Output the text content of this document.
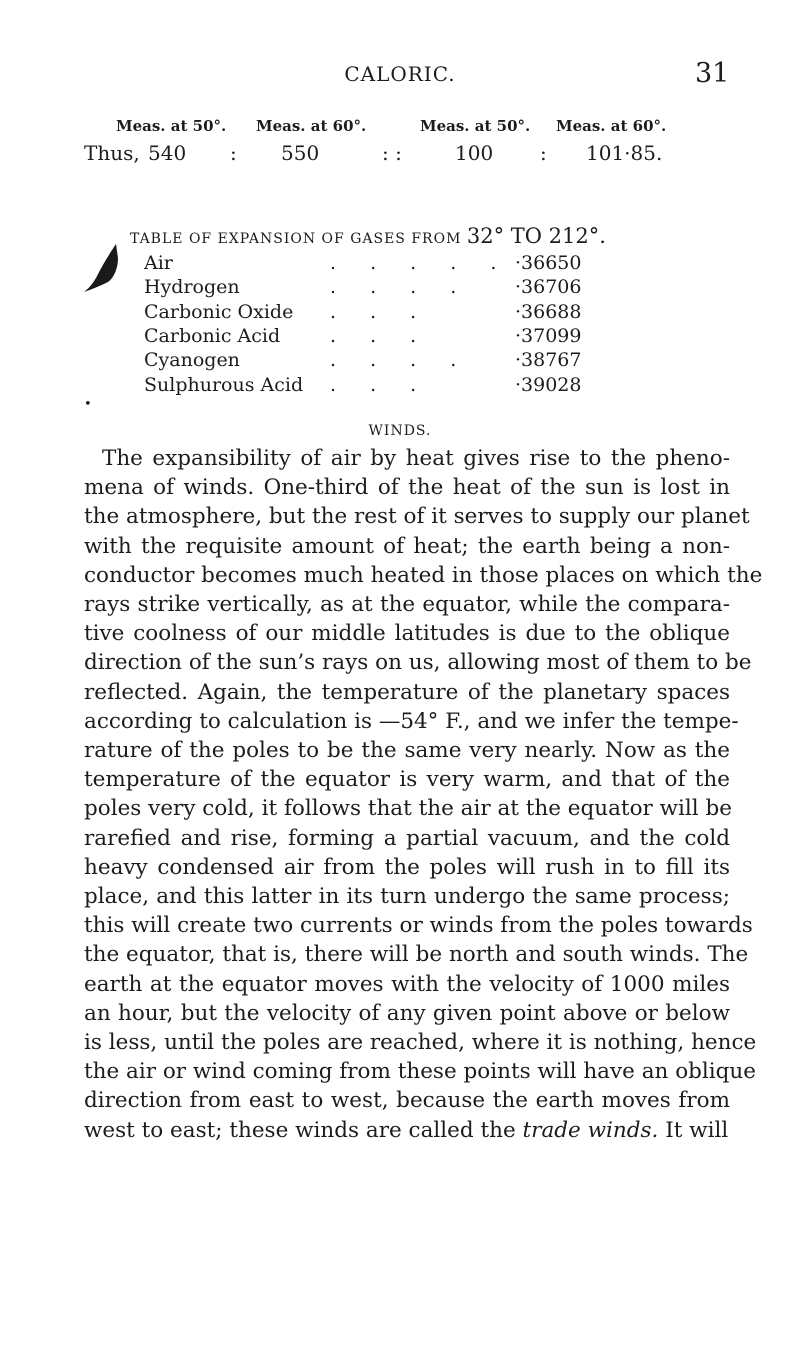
CALORIC.	31
Meas. at 50°. Meas. at 60°.	Meas. at 50°. Meas. at 60°.
Thus, 540 : 550	: :	100 : 101·85.
TABLE OF EXPANSION OF GASES FROM 32° TO 212°.
Air	. . . . . ·36650
Hydrogen	. . . . ·36706
Carbonic Oxide . . .	·36688
Carbonic Acid	. . .	·37099
Cyanogen	. . . . ·38767
Sulphurous Acid . . .	·39028
•
WINDS.
The expansibility of air by heat gives rise to the pheno-
mena of winds. One-third of the heat of the sun is lost in
the atmosphere, but the rest of it serves to supply our planet
with the requisite amount of heat; the earth being a non-
conductor becomes much heated in those places on which the
rays strike vertically, as at the equator, while the compara-
tive coolness of our middle latitudes is due to the oblique
direction of the sun’s rays on us, allowing most of them to be
reflected. Again, the temperature of the planetary spaces
according to calculation is —54° F., and we infer the tempe-
rature of the poles to be the same very nearly. Now as the
temperature of the equator is very warm, and that of the
poles very cold, it follows that the air at the equator will be
rarefied and rise, forming a partial vacuum, and the cold
heavy condensed air from the poles will rush in to fill its
place, and this latter in its turn undergo the same process;
this will create two currents or winds from the poles towards
the equator, that is, there will be north and south winds. The
earth at the equator moves with the velocity of 1000 miles
an hour, but the velocity of any given point above or below
is less, until the poles are reached, where it is nothing, hence
the air or wind coming from these points will have an oblique
direction from east to west, because the earth moves from
west to east; these winds are called the trade winds. It will
